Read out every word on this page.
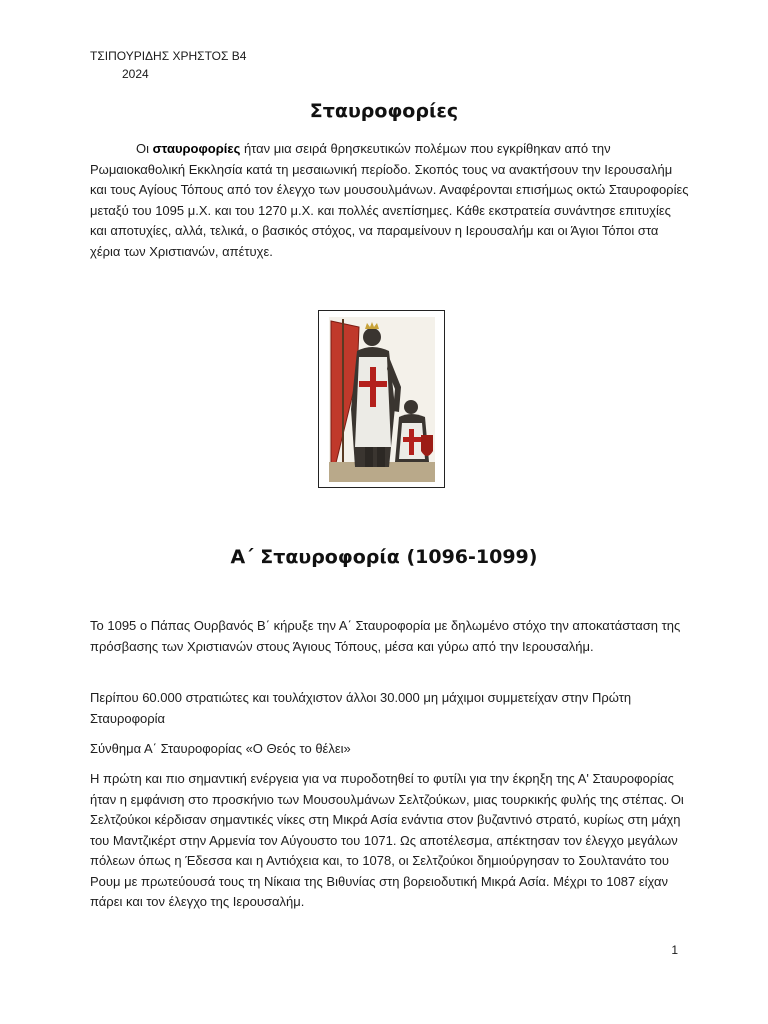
ΤΣΙΠΟΥΡΙΔΗΣ ΧΡΗΣΤΟΣ Β4
2024
Σταυροφορίες
Οι σταυροφορίες ήταν μια σειρά θρησκευτικών πολέμων που εγκρίθηκαν από την Ρωμαιοκαθολική Εκκλησία κατά τη μεσαιωνική περίοδο. Σκοπός τους να ανακτήσουν την Ιερουσαλήμ και τους Αγίους Τόπους από τον έλεγχο των μουσουλμάνων. Αναφέρονται επισήμως οκτώ Σταυροφορίες μεταξύ του 1095 μ.Χ. και του 1270 μ.Χ. και πολλές ανεπίσημες. Κάθε εκστρατεία συνάντησε επιτυχίες και αποτυχίες, αλλά, τελικά, ο βασικός στόχος, να παραμείνουν η Ιερουσαλήμ και οι Άγιοι Τόποι στα χέρια των Χριστιανών, απέτυχε.
Α΄ Σταυροφορία (1096-1099)
Το 1095 ο Πάπας Ουρβανός Β΄ κήρυξε την Α΄ Σταυροφορία με δηλωμένο στόχο την αποκατάσταση της πρόσβασης των Χριστιανών στους Άγιους Τόπους, μέσα και γύρω από την Ιερουσαλήμ.
Περίπου 60.000 στρατιώτες και τουλάχιστον άλλοι 30.000 μη μάχιμοι συμμετείχαν στην Πρώτη Σταυροφορία
Σύνθημα Α΄ Σταυροφορίας «Ο Θεός το θέλει»
Η πρώτη και πιο σημαντική ενέργεια για να πυροδοτηθεί το φυτίλι για την έκρηξη της Α' Σταυροφορίας ήταν η εμφάνιση στο προσκήνιο των Μουσουλμάνων Σελτζούκων, μιας τουρκικής φυλής της στέπας. Οι Σελτζούκοι κέρδισαν σημαντικές νίκες στη Μικρά Ασία ενάντια στον βυζαντινό στρατό, κυρίως στη μάχη του Μαντζικέρτ στην Αρμενία τον Αύγουστο του 1071. Ως αποτέλεσμα, απέκτησαν τον έλεγχο μεγάλων πόλεων όπως η Έδεσσα και η Αντιόχεια και, το 1078, οι Σελτζούκοι δημιούργησαν το Σουλτανάτο του Ρουμ με πρωτεύουσά τους τη Νίκαια της Βιθυνίας στη βορειοδυτική Μικρά Ασία. Μέχρι το 1087 είχαν πάρει και τον έλεγχο της Ιερουσαλήμ.
1
